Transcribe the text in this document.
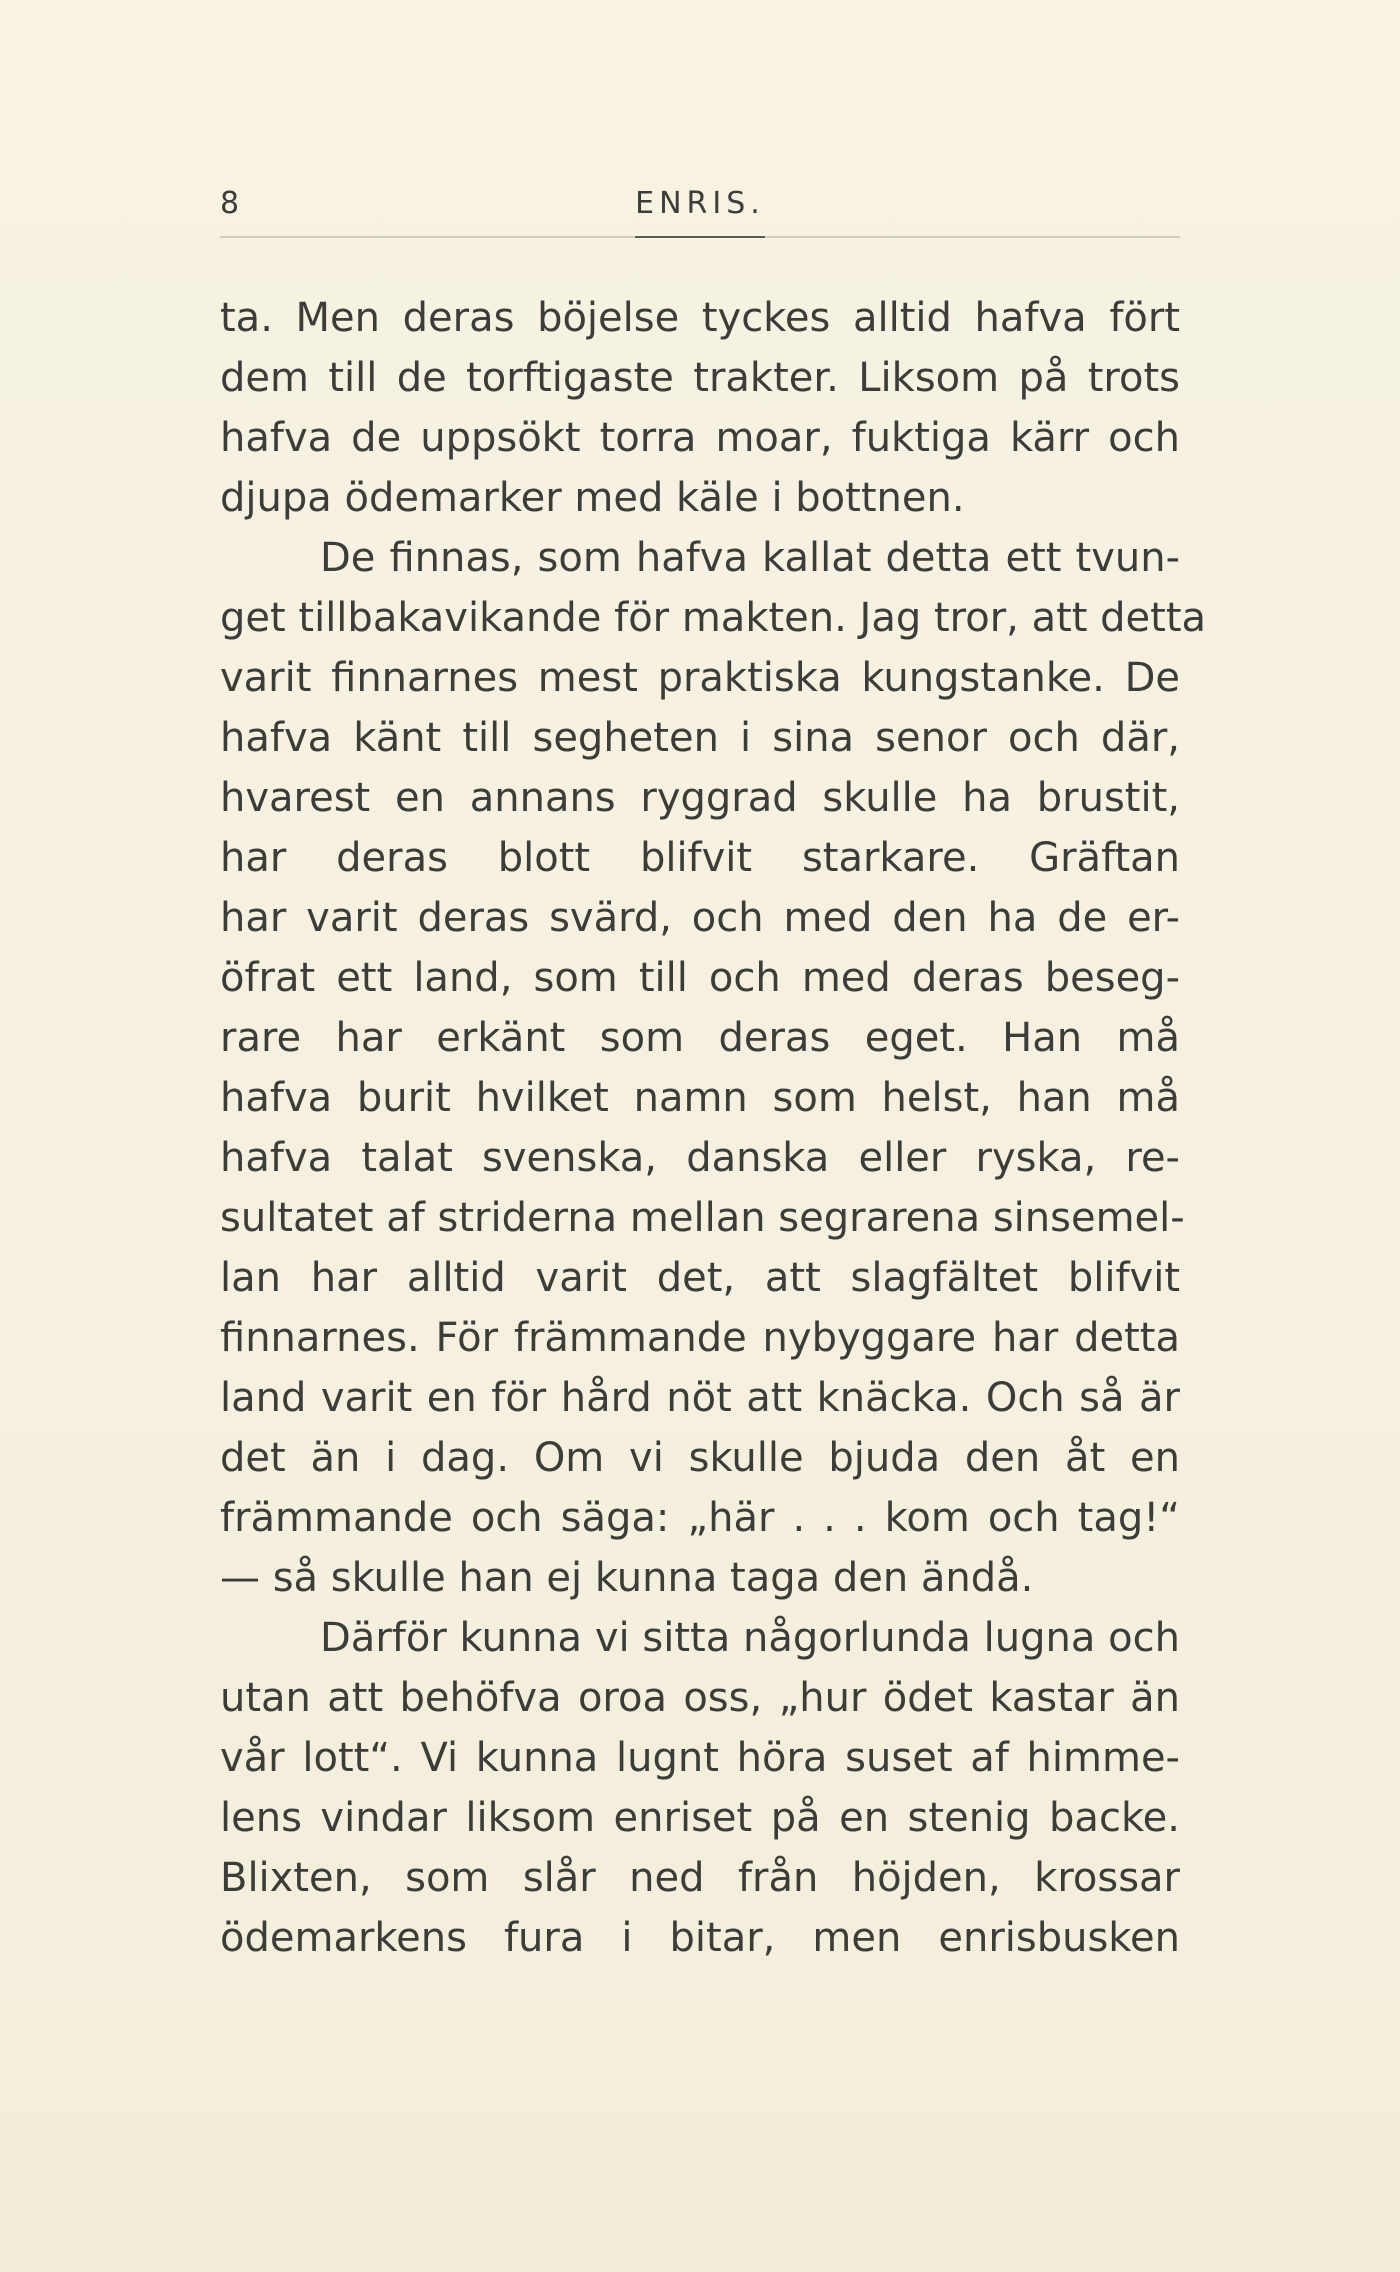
8	ENRIS.
ta. Men deras böjelse tyckes alltid hafva fört
dem till de torftigaste trakter. Liksom på trots
hafva de uppsökt torra moar, fuktiga kärr och
djupa ödemarker med käle i bottnen.
De finnas, som hafva kallat detta ett tvun-
get tillbakavikande för makten. Jag tror, att detta
varit finnarnes mest praktiska kungstanke. De
hafva känt till segheten i sina senor och där,
hvarest en annans ryggrad skulle ha brustit,
har deras blott blifvit starkare. Gräftan
har varit deras svärd, och med den ha de er-
öfrat ett land, som till och med deras beseg-
rare har erkänt som deras eget. Han må
hafva burit hvilket namn som helst, han må
hafva talat svenska, danska eller ryska, re-
sultatet af striderna mellan segrarena sinsemel-
lan har alltid varit det, att slagfältet blifvit
finnarnes. För främmande nybyggare har detta
land varit en för hård nöt att knäcka. Och så är
det än i dag. Om vi skulle bjuda den åt en
främmande och säga: „här . . . kom och tag!“
— så skulle han ej kunna taga den ändå.
Därför kunna vi sitta någorlunda lugna och
utan att behöfva oroa oss, „hur ödet kastar än
vår lott“. Vi kunna lugnt höra suset af himme-
lens vindar liksom enriset på en stenig backe.
Blixten, som slår ned från höjden, krossar
ödemarkens fura i bitar, men enrisbusken
